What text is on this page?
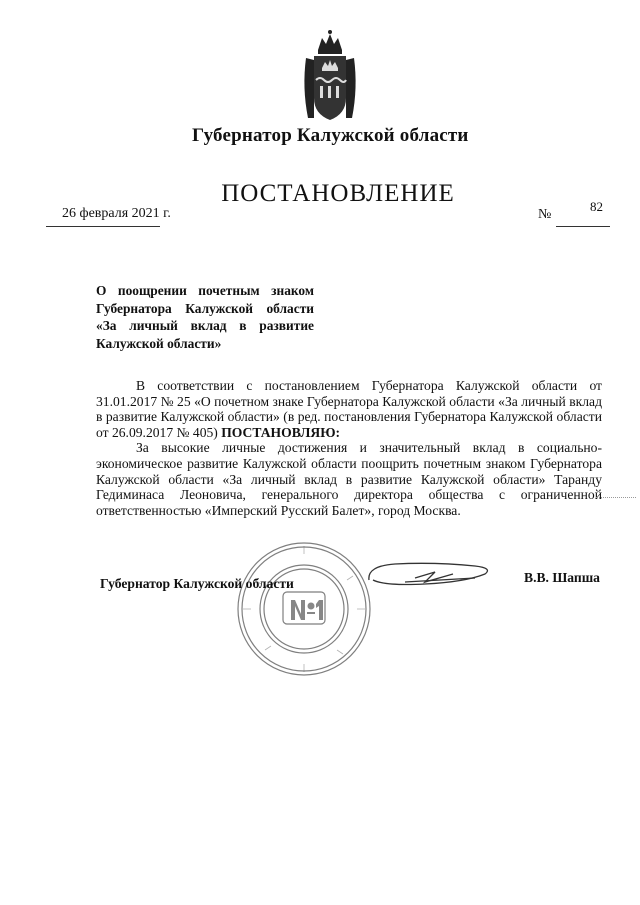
Губернатор Калужской области
ПОСТАНОВЛЕНИЕ
26 февраля 2021 г.	№
82
О поощрении почетным знаком
Губернатора Калужской области
«За личный вклад в развитие
Калужской области»

В соответствии с постановлением Губернатора Калужской области от 31.01.2017 № 25 «О почетном знаке Губернатора Калужской области «За личный вклад в развитие Калужской области» (в ред. постановления Губернатора Калужской области от 26.09.2017 № 405) ПОСТАНОВЛЯЮ:

За высокие личные достижения и значительный вклад в социально-экономическое развитие Калужской области поощрить почетным знаком Губернатора Калужской области «За личный вклад в развитие Калужской области» Таранду Гедиминаса Леоновича, генерального директора общества с ограниченной ответственностью «Имперский Русский Балет», город Москва.

Губернатор Калужской области	В.В. Шапша
